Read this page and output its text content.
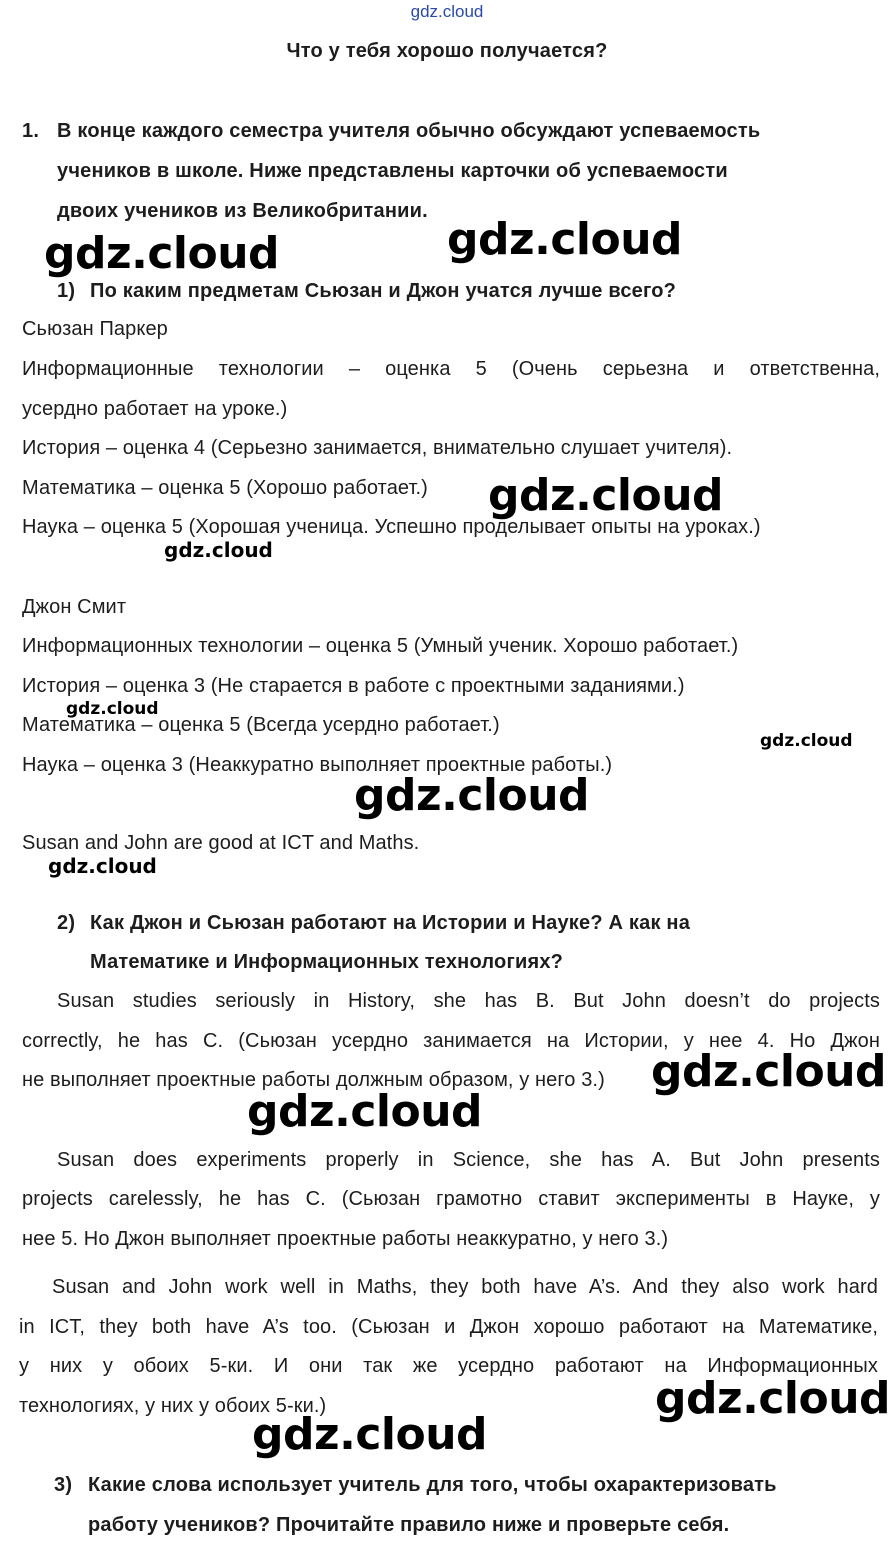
gdz.cloud
Что у тебя хорошо получается?
1. В конце каждого семестра учителя обычно обсуждают успеваемость
учеников в школе. Ниже представлены карточки об успеваемости
двоих учеников из Великобритании.
1) По каким предметам Сьюзан и Джон учатся лучше всего?
Сьюзан Паркер
Информационные технологии – оценка 5 (Очень серьезна и ответственна,
усердно работает на уроке.)
История – оценка 4 (Серьезно занимается, внимательно слушает учителя).
Математика – оценка 5 (Хорошо работает.)
Наука – оценка 5 (Хорошая ученица. Успешно проделывает опыты на уроках.)
Джон Смит
Информационных технологии – оценка 5 (Умный ученик. Хорошо работает.)
История – оценка 3 (Не старается в работе с проектными заданиями.)
Математика – оценка 5 (Всегда усердно работает.)
Наука – оценка 3 (Неаккуратно выполняет проектные работы.)
Susan and John are good at ICT and Maths.
2) Как Джон и Сьюзан работают на Истории и Науке? А как на
Математике и Информационных технологиях?
Susan studies seriously in History, she has B. But John doesn’t do projects
correctly, he has C. (Сьюзан усердно занимается на Истории, у нее 4. Но Джон
не выполняет проектные работы должным образом, у него 3.)
Susan does experiments properly in Science, she has A. But John presents
projects carelessly, he has C. (Сьюзан грамотно ставит эксперименты в Науке, у
нее 5. Но Джон выполняет проектные работы неаккуратно, у него 3.)
Susan and John work well in Maths, they both have A’s. And they also work hard
in ICT, they both have A’s too. (Сьюзан и Джон хорошо работают на Математике,
у них у обоих 5-ки. И они так же усердно работают на Информационных
технологиях, у них у обоих 5-ки.)
3) Какие слова использует учитель для того, чтобы охарактеризовать
работу учеников? Прочитайте правило ниже и проверьте себя.
gdz.cloud	gdz.cloud
gdz.cloud
gdz.cloud
gdz.cloud
gdz.cloud
gdz.cloud
gdz.cloud
gdz.cloud
gdz.cloud
gdz.cloud
gdz.cloud
